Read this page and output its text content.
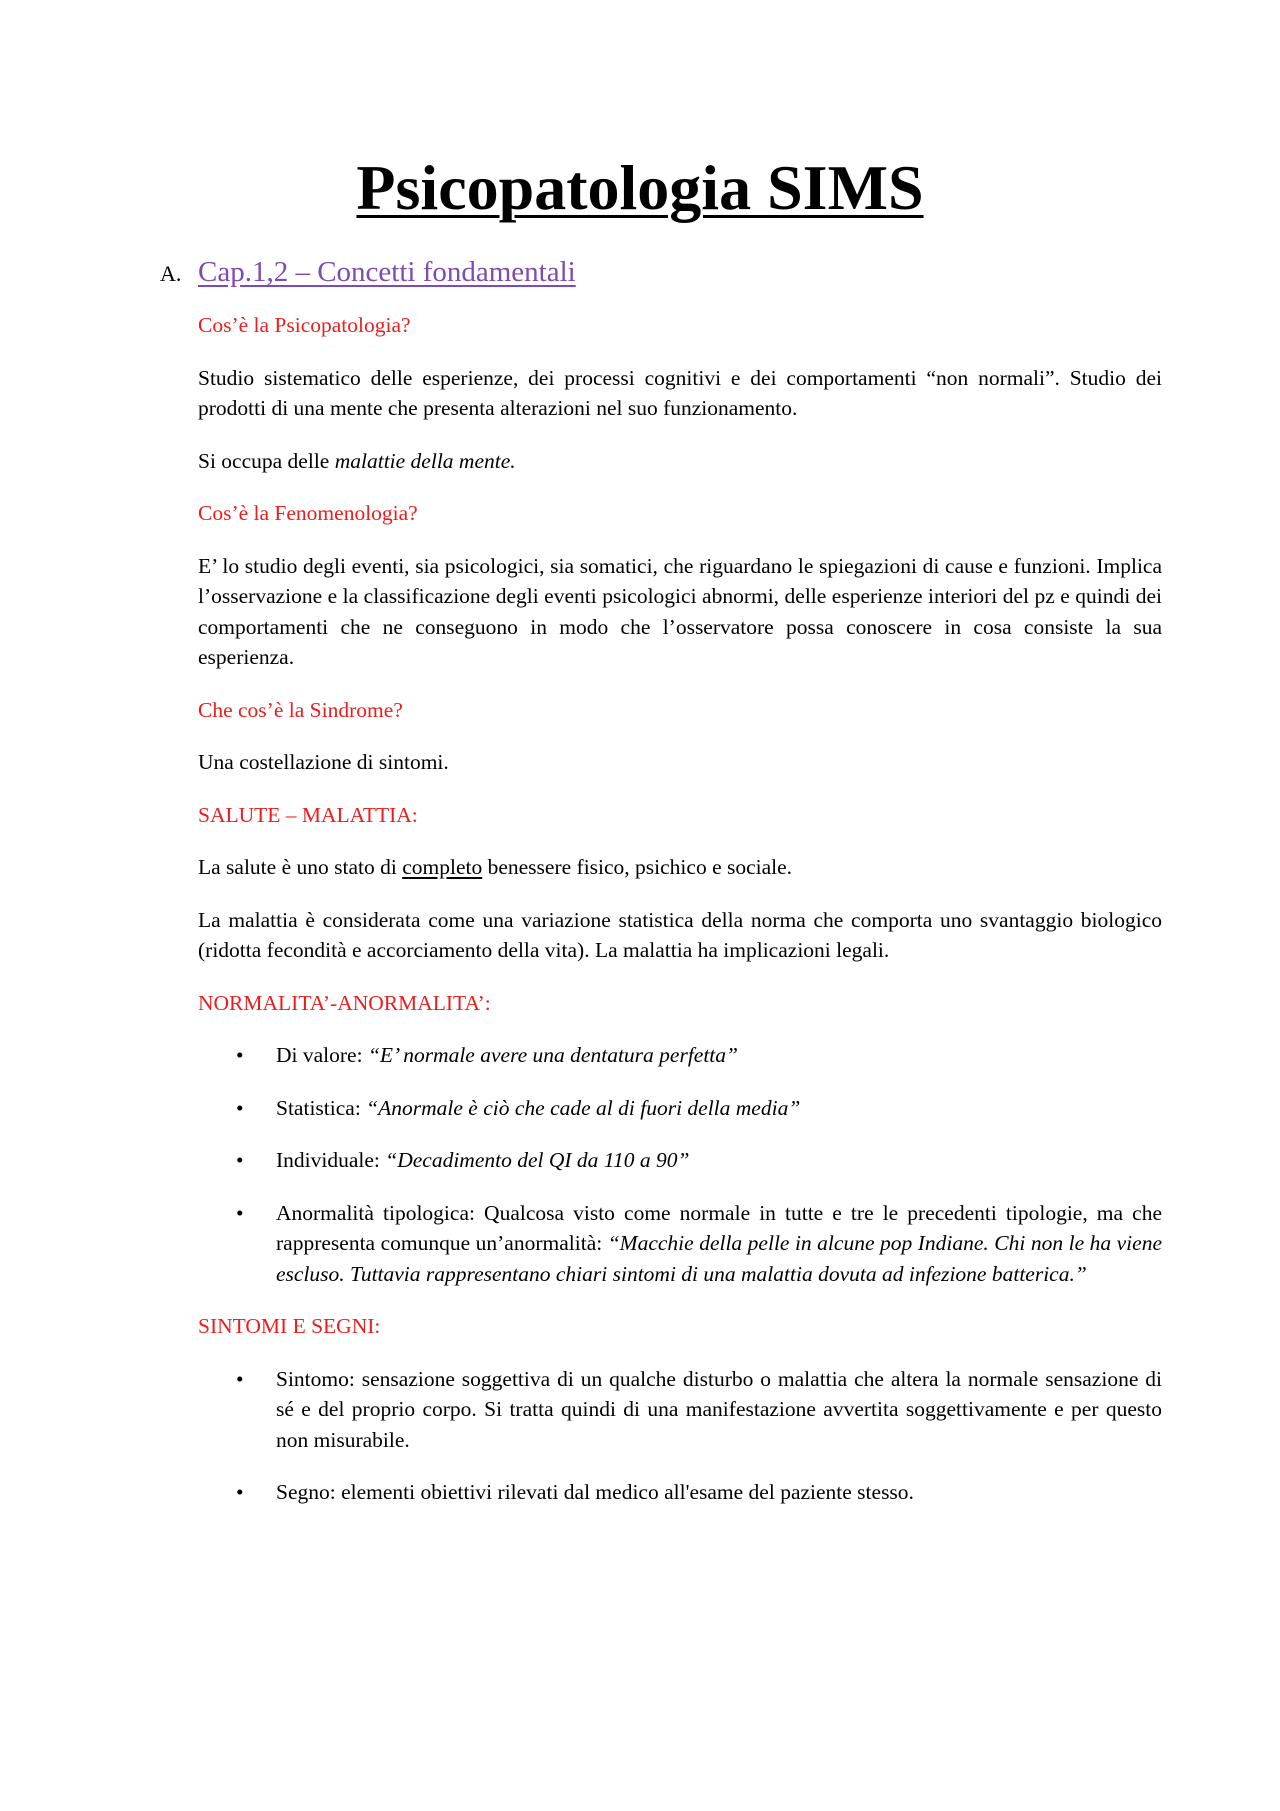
Psicopatologia SIMS
A. Cap.1,2 – Concetti fondamentali

Cos’è la Psicopatologia?

Studio sistematico delle esperienze, dei processi cognitivi e dei comportamenti “non normali”. Studio dei prodotti di una mente che presenta alterazioni nel suo funzionamento.

Si occupa delle malattie della mente.

Cos’è la Fenomenologia?

E’ lo studio degli eventi, sia psicologici, sia somatici, che riguardano le spiegazioni di cause e funzioni. Implica l’osservazione e la classificazione degli eventi psicologici abnormi, delle esperienze interiori del pz e quindi dei comportamenti che ne conseguono in modo che l’osservatore possa conoscere in cosa consiste la sua esperienza.

Che cos’è la Sindrome?

Una costellazione di sintomi.

SALUTE – MALATTIA:

La salute è uno stato di completo benessere fisico, psichico e sociale.

La malattia è considerata come una variazione statistica della norma che comporta uno svantaggio biologico (ridotta fecondità e accorciamento della vita). La malattia ha implicazioni legali.

NORMALITA’-ANORMALITA’:

• Di valore: “E’ normale avere una dentatura perfetta”
• Statistica: “Anormale è ciò che cade al di fuori della media”
• Individuale: “Decadimento del QI da 110 a 90”
• Anormalità tipologica: Qualcosa visto come normale in tutte e tre le precedenti tipologie, ma che rappresenta comunque un’anormalità: “Macchie della pelle in alcune pop Indiane. Chi non le ha viene escluso. Tuttavia rappresentano chiari sintomi di una malattia dovuta ad infezione batterica.”

SINTOMI E SEGNI:

• Sintomo: sensazione soggettiva di un qualche disturbo o malattia che altera la normale sensazione di sé e del proprio corpo. Si tratta quindi di una manifestazione avvertita soggettivamente e per questo non misurabile.
• Segno: elementi obiettivi rilevati dal medico all'esame del paziente stesso.
